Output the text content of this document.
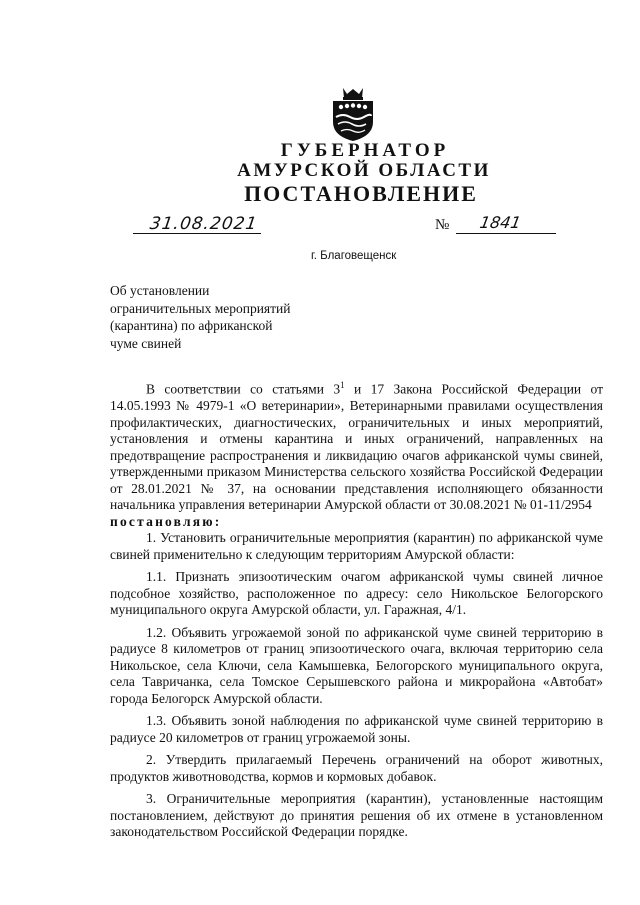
ГУБЕРНАТОР
АМУРСКОЙ ОБЛАСТИ
ПОСТАНОВЛЕНИЕ
31.08.2021	№ 1841
г. Благовещенск
Об установлении
ограничительных мероприятий
(карантина) по африканской
чуме свиней
В соответствии со статьями $3^1$ и 17 Закона Российской Федерации от 14.05.1993 № 4979-1 «О ветеринарии», Ветеринарными правилами осуществления профилактических, диагностических, ограничительных и иных мероприятий, установления и отмены карантина и иных ограничений, направленных на предотвращение распространения и ликвидацию очагов африканской чумы свиней, утвержденными приказом Министерства сельского хозяйства Российской Федерации от 28.01.2021 № 37, на основании представления исполняющего обязанности начальника управления ветеринарии Амурской области от 30.08.2021 № 01-11/2954
постановляю:
1. Установить ограничительные мероприятия (карантин) по африканской чуме свиней применительно к следующим территориям Амурской области:
1.1. Признать эпизоотическим очагом африканской чумы свиней личное подсобное хозяйство, расположенное по адресу: село Никольское Белогорского муниципального округа Амурской области, ул. Гаражная, 4/1.
1.2. Объявить угрожаемой зоной по африканской чуме свиней территорию в радиусе 8 километров от границ эпизоотического очага, включая территорию села Никольское, села Ключи, села Камышевка, Белогорского муниципального округа, села Тавричанка, села Томское Серышевского района и микрорайона «Автобат» города Белогорск Амурской области.
1.3. Объявить зоной наблюдения по африканской чуме свиней территорию в радиусе 20 километров от границ угрожаемой зоны.
2. Утвердить прилагаемый Перечень ограничений на оборот животных, продуктов животноводства, кормов и кормовых добавок.
3. Ограничительные мероприятия (карантин), установленные настоящим постановлением, действуют до принятия решения об их отмене в установленном законодательством Российской Федерации порядке.
